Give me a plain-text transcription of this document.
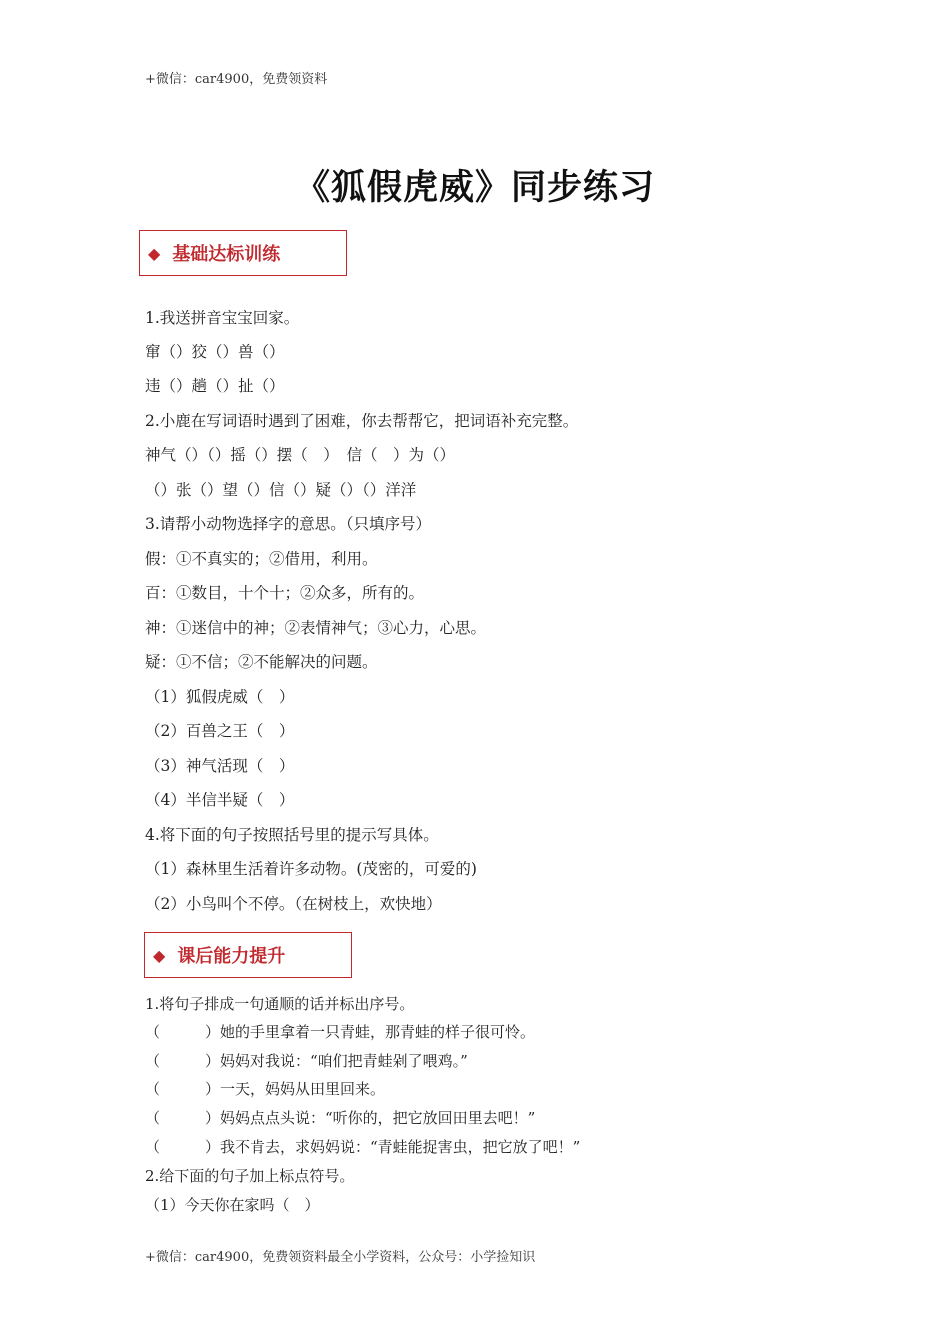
+微信：car4900，免费领资料
《狐假虎威》同步练习
◆ 基础达标训练
1.我送拼音宝宝回家。
窜（）狡（）兽（）
违（）趟（）扯（）
2.小鹿在写词语时遇到了困难，你去帮帮它，把词语补充完整。
神气（）（）摇（）摆（　）　信（　）为（）
（）张（）望（）信（）疑（）（）洋洋
3.请帮小动物选择字的意思。（只填序号）
假：①不真实的；②借用，利用。
百：①数目，十个十；②众多，所有的。
神：①迷信中的神；②表情神气；③心力，心思。
疑：①不信；②不能解决的问题。
（1）狐假虎威（　）
（2）百兽之王（　）
（3）神气活现（　）
（4）半信半疑（　）
4.将下面的句子按照括号里的提示写具体。
（1）森林里生活着许多动物。(茂密的，可爱的)
（2）小鸟叫个不停。（在树枝上，欢快地）
◆ 课后能力提升
1.将句子排成一句通顺的话并标出序号。
（　　　）她的手里拿着一只青蛙，那青蛙的样子很可怜。
（　　　）妈妈对我说：“咱们把青蛙剁了喂鸡。”
（　　　）一天，妈妈从田里回来。
（　　　）妈妈点点头说：“听你的，把它放回田里去吧！”
（　　　）我不肯去，求妈妈说：“青蛙能捉害虫，把它放了吧！”
2.给下面的句子加上标点符号。
（1）今天你在家吗（　）
+微信：car4900，免费领资料最全小学资料，公众号：小学捡知识
